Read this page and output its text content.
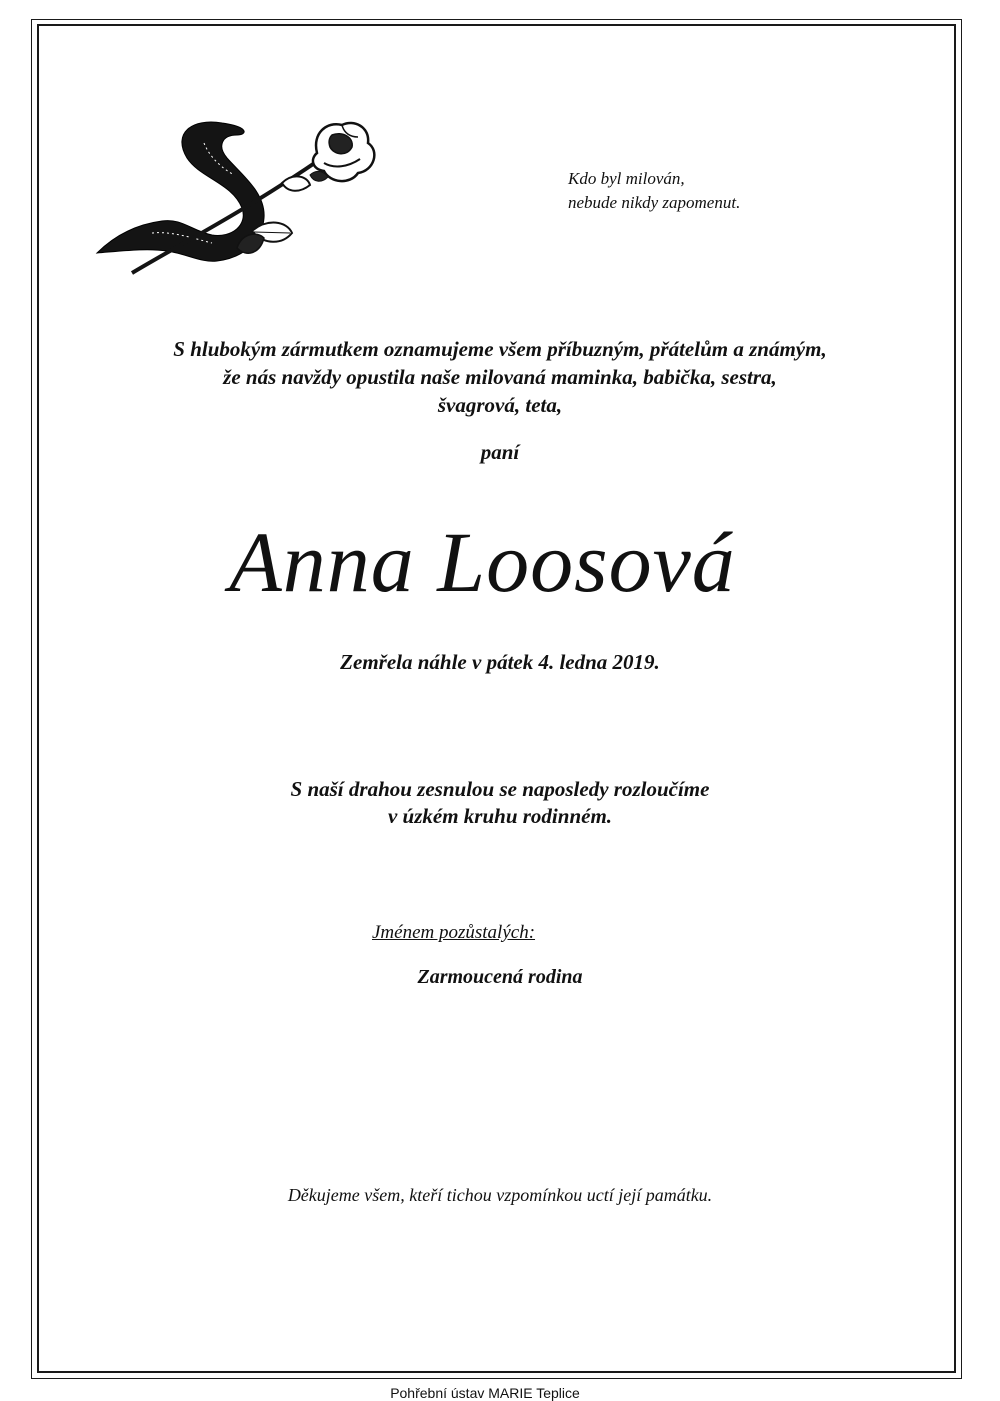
Kdo byl milován,
nebude nikdy zapomenut.
S hlubokým zármutkem oznamujeme všem příbuzným, přátelům a známým,
že nás navždy opustila naše milovaná maminka, babička, sestra,
švagrová, teta,
paní
Anna Loosová
Zemřela náhle v pátek 4. ledna 2019.
S naší drahou zesnulou se naposledy rozloučíme
v úzkém kruhu rodinném.
Jménem pozůstalých:
Zarmoucená rodina
Děkujeme všem, kteří tichou vzpomínkou uctí její památku.
Pohřební ústav MARIE Teplice
